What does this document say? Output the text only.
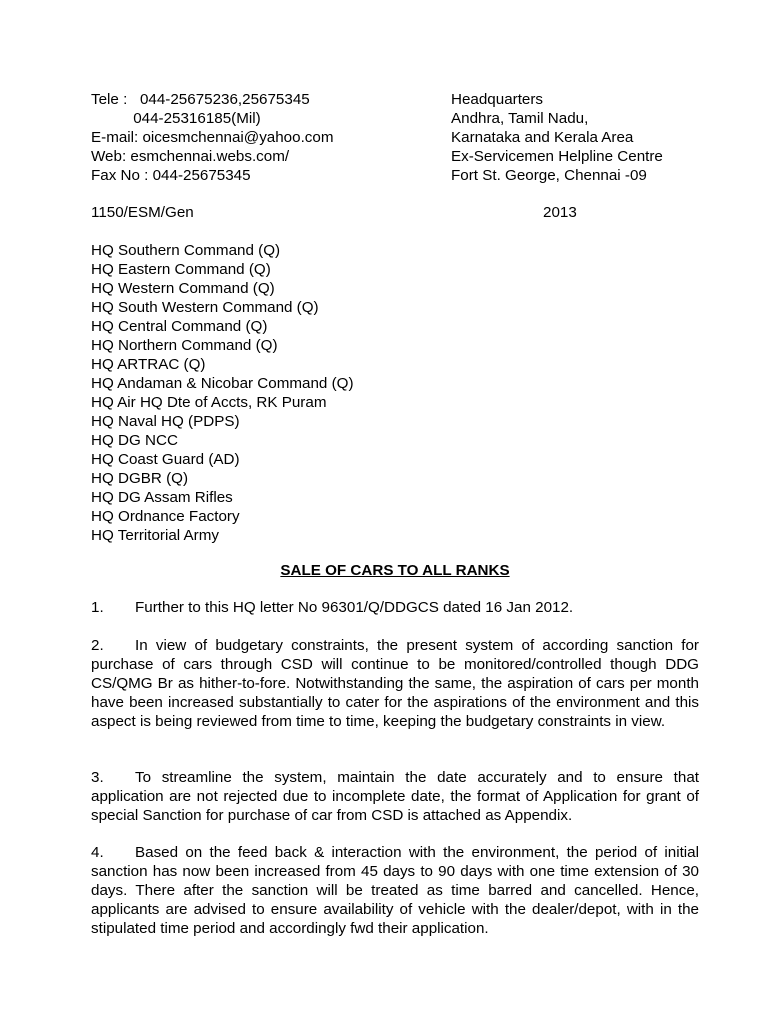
Tele :   044-25675236,25675345
044-25316185(Mil)
E-mail: oicesmchennai@yahoo.com
Web: esmchennai.webs.com/
Fax No : 044-25675345
Headquarters
Andhra, Tamil Nadu,
Karnataka and Kerala Area
Ex-Servicemen Helpline Centre
Fort St. George, Chennai -09
1150/ESM/Gen	2013
HQ Southern Command (Q)
HQ Eastern Command (Q)
HQ Western Command (Q)
HQ South Western Command (Q)
HQ Central Command (Q)
HQ Northern Command (Q)
HQ ARTRAC (Q)
HQ Andaman & Nicobar Command (Q)
HQ Air HQ Dte of Accts, RK Puram
HQ Naval HQ (PDPS)
HQ DG NCC
HQ Coast Guard (AD)
HQ DGBR (Q)
HQ DG Assam Rifles
HQ Ordnance Factory
HQ Territorial Army
SALE OF CARS TO ALL RANKS
1. Further to this HQ letter No 96301/Q/DDGCS dated 16 Jan 2012.
2. In view of budgetary constraints, the present system of according sanction for purchase of cars through CSD will continue to be monitored/controlled though DDG CS/QMG Br as hither-to-fore. Notwithstanding the same, the aspiration of cars per month have been increased substantially to cater for the aspirations of the environment and this aspect is being reviewed from time to time, keeping the budgetary constraints in view.
3. To streamline the system, maintain the date accurately and to ensure that application are not rejected due to incomplete date, the format of Application for grant of special Sanction for purchase of car from CSD is attached as Appendix.
4. Based on the feed back & interaction with the environment, the period of initial sanction has now been increased from 45 days to 90 days with one time extension of 30 days. There after the sanction will be treated as time barred and cancelled. Hence, applicants are advised to ensure availability of vehicle with the dealer/depot, with in the stipulated time period and accordingly fwd their application.
